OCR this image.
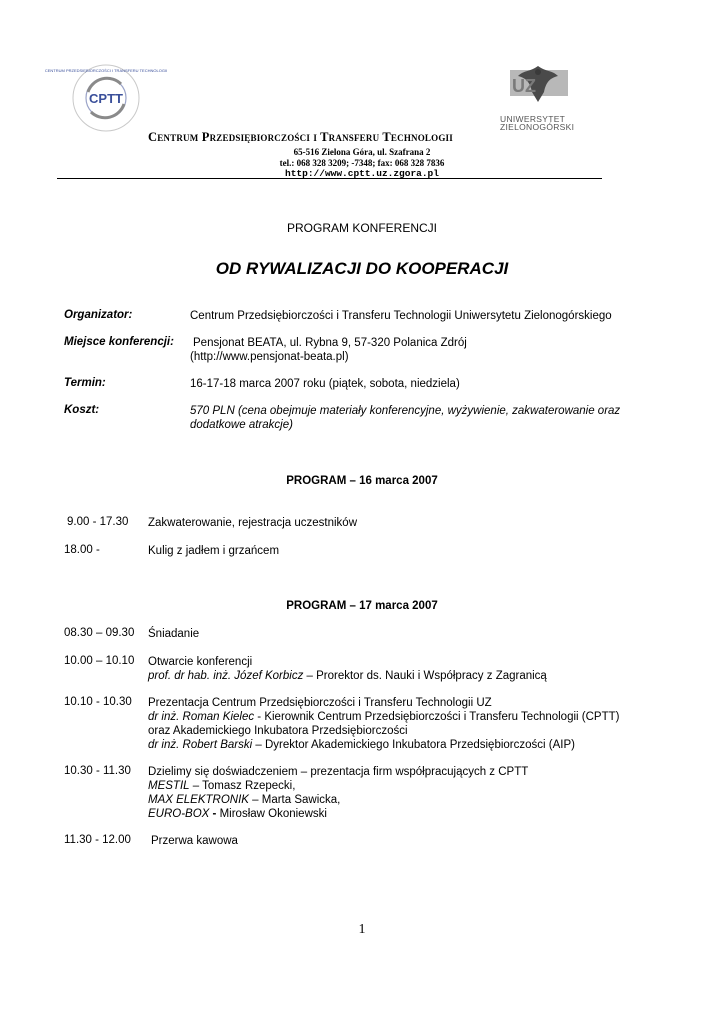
CPTT
CENTRUM PRZEDSIĘBIORCZOŚCI I TRANSFERU TECHNOLOGII
UZ
UNIWERSYTET
ZIELONOGÓRSKI
Centrum Przedsiębiorczości i Transferu Technologii
65-516 Zielona Góra, ul. Szafrana 2
tel.: 068 328 3209; -7348; fax: 068 328 7836
http://www.cptt.uz.zgora.pl
PROGRAM KONFERENCJI
OD RYWALIZACJI DO KOOPERACJI
Organizator:	Centrum Przedsiębiorczości i Transferu Technologii Uniwersytetu Zielonogórskiego
Miejsce konferencji: Pensjonat BEATA, ul. Rybna 9, 57-320 Polanica Zdrój
(http://www.pensjonat-beata.pl)
Termin:	16-17-18 marca 2007 roku (piątek, sobota, niedziela)
Koszt:	570 PLN (cena obejmuje materiały konferencyjne, wyżywienie, zakwaterowanie oraz
dodatkowe atrakcje)
PROGRAM – 16 marca 2007
9.00 - 17.30 Zakwaterowanie, rejestracja uczestników
18.00 -	Kulig z jadłem i grzańcem
PROGRAM – 17 marca 2007
08.30 – 09.30 Śniadanie
10.00 – 10.10 Otwarcie konferencji
prof. dr hab. inż. Józef Korbicz – Prorektor ds. Nauki i Współpracy z Zagranicą
10.10 - 10.30 Prezentacja Centrum Przedsiębiorczości i Transferu Technologii UZ
dr inż. Roman Kielec - Kierownik Centrum Przedsiębiorczości i Transferu Technologii (CPTT)
oraz Akademickiego Inkubatora Przedsiębiorczości
dr inż. Robert Barski – Dyrektor Akademickiego Inkubatora Przedsiębiorczości (AIP)
10.30 - 11.30 Dzielimy się doświadczeniem – prezentacja firm współpracujących z CPTT
MESTIL – Tomasz Rzepecki,
MAX ELEKTRONIK – Marta Sawicka,
EURO-BOX - Mirosław Okoniewski
11.30 - 12.00 Przerwa kawowa
1
